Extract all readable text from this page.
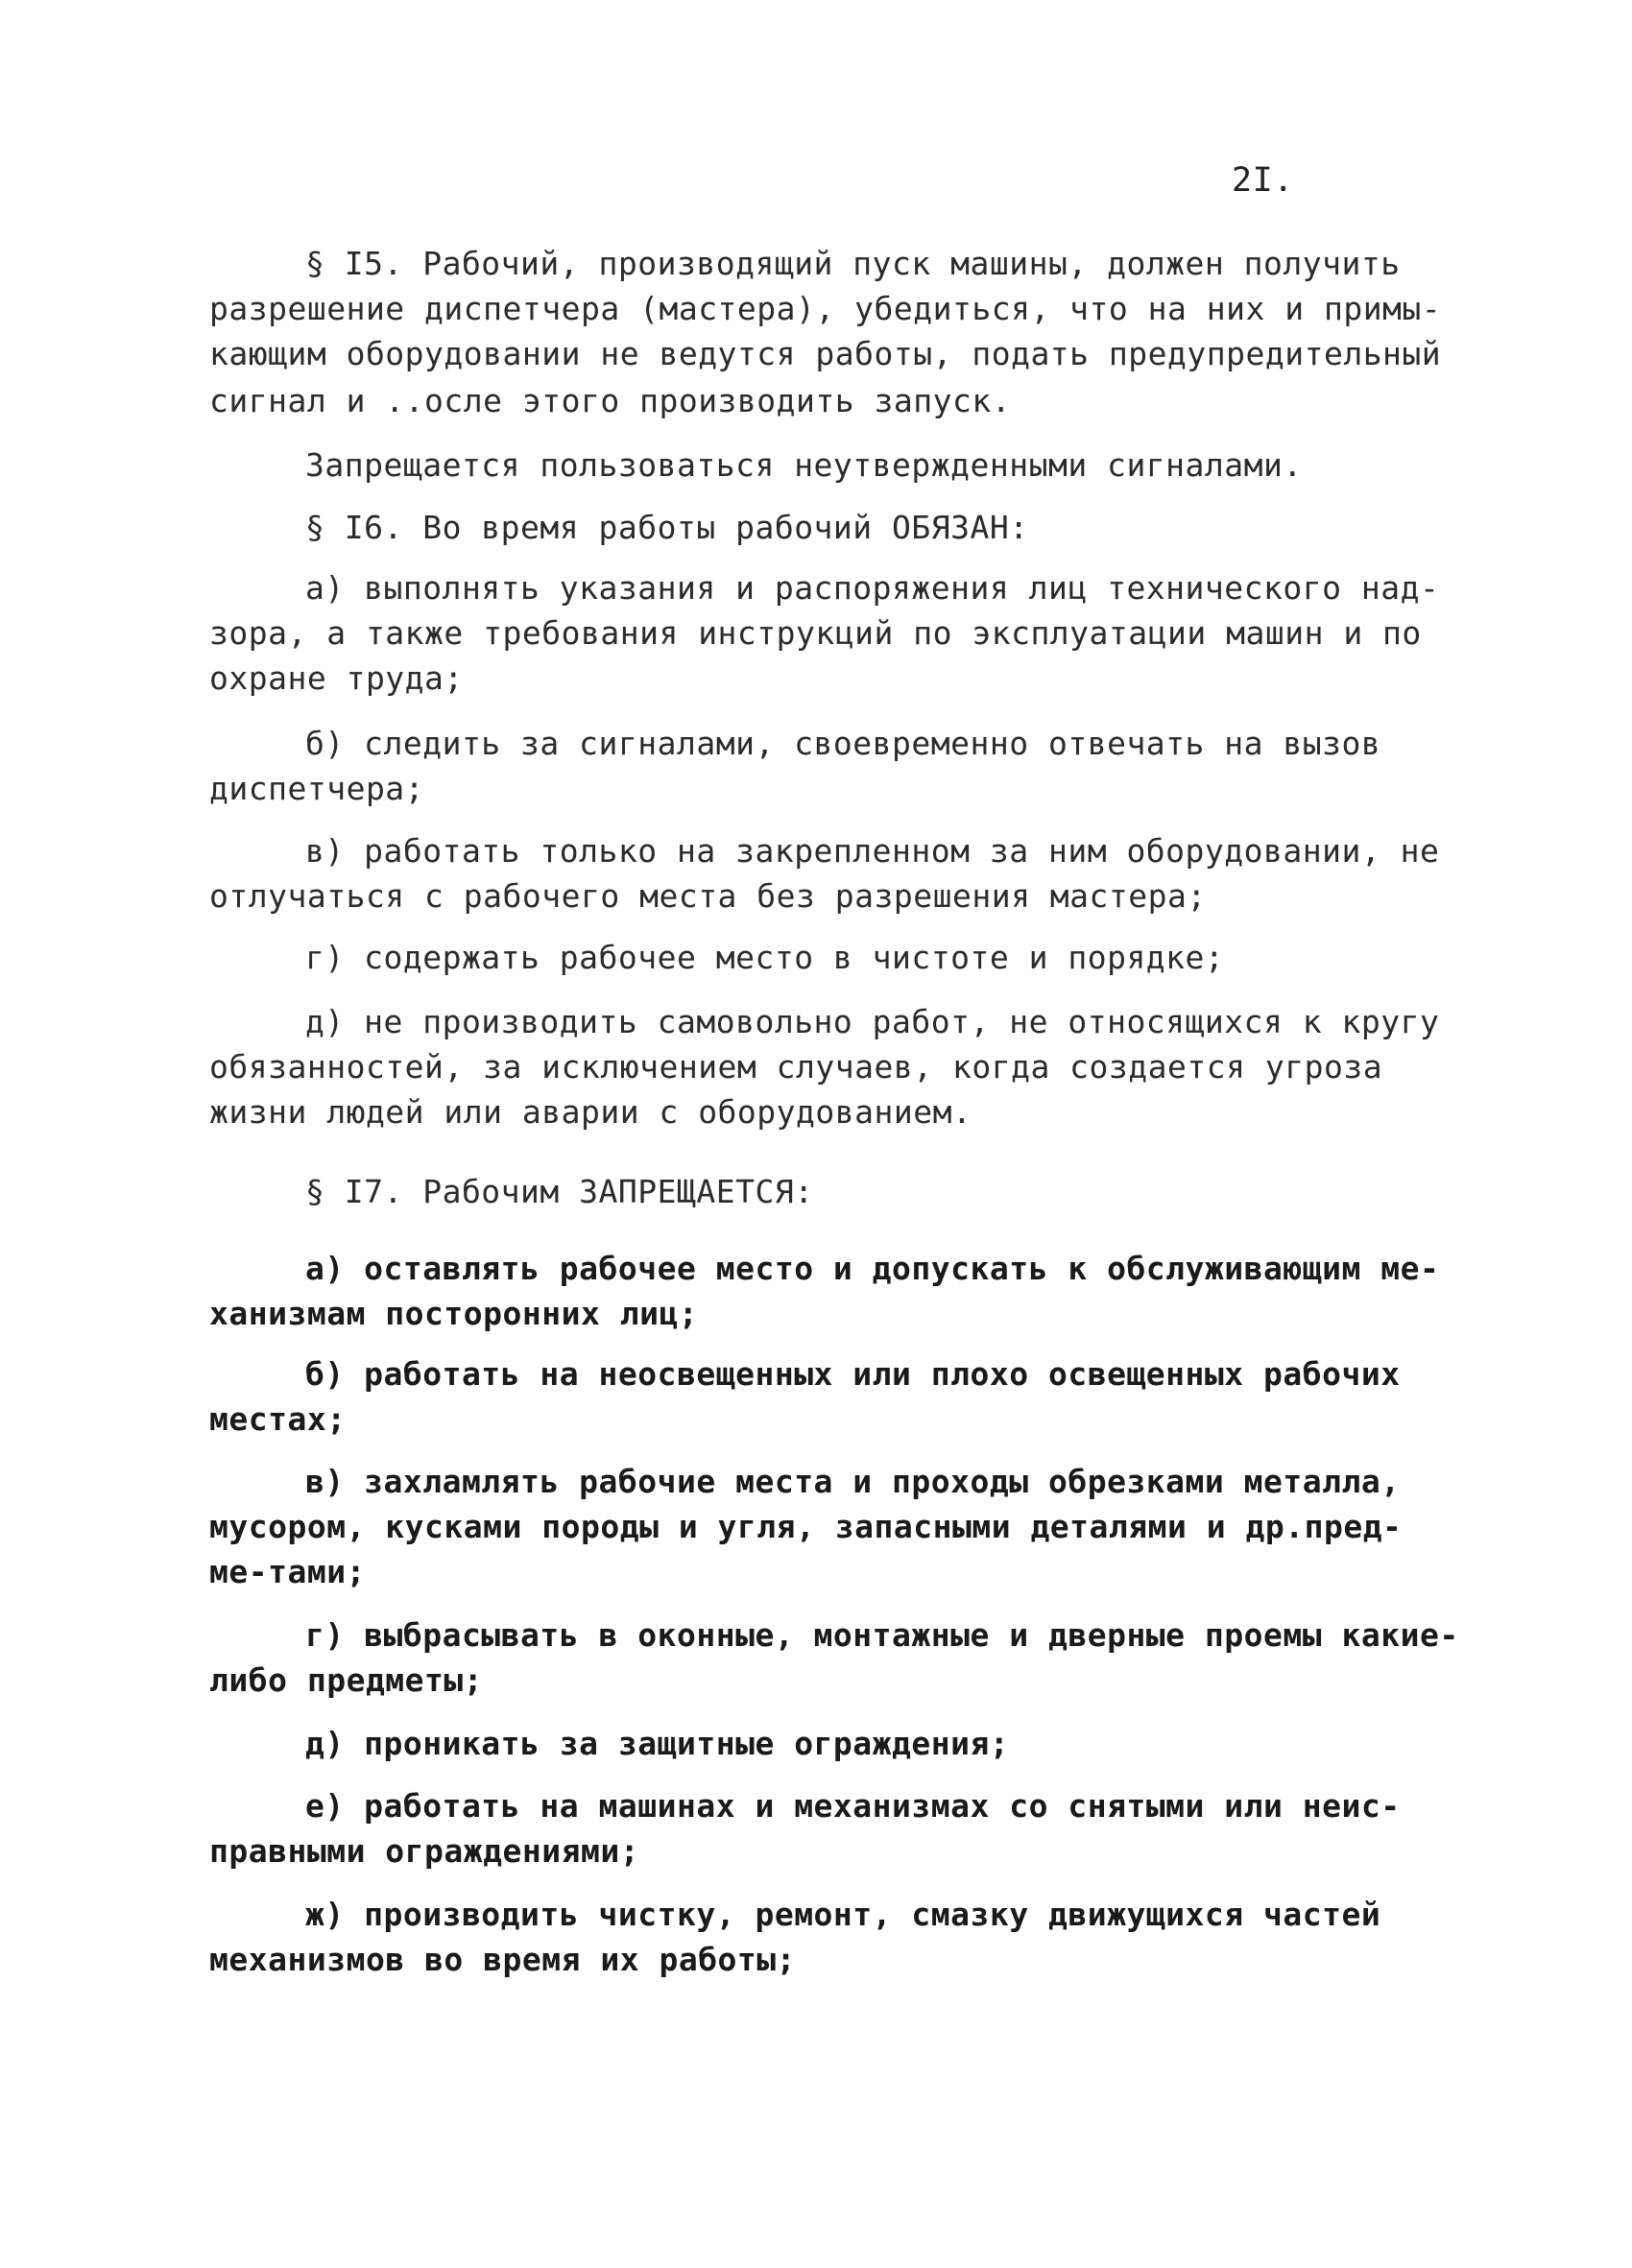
2I.
§ I5. Рабочий, производящий пуск машины, должен получить
разрешение диспетчера (мастера), убедиться, что на них и примы-
кающим оборудовании не ведутся работы, подать предупредительный
сигнал и ..осле этого производить запуск.
Запрещается пользоваться неутвержденными сигналами.
§ I6. Во время работы рабочий ОБЯЗАН:
а) выполнять указания и распоряжения лиц технического над-
зора, а также требования инструкций по эксплуатации машин и по
охране труда;
б) следить за сигналами, своевременно отвечать на вызов
диспетчера;
в) работать только на закрепленном за ним оборудовании, не
отлучаться с рабочего места без разрешения мастера;
г) содержать рабочее место в чистоте и порядке;
д) не производить самовольно работ, не относящихся к кругу
обязанностей, за исключением случаев, когда создается угроза
жизни людей или аварии с оборудованием.
§ I7. Рабочим ЗАПРЕЩАЕТСЯ:
а) оставлять рабочее место и допускать к обслуживающим ме-
ханизмам посторонних лиц;
б) работать на неосвещенных или плохо освещенных рабочих
местах;
в) захламлять рабочие места и проходы обрезками металла,
мусором, кусками породы и угля, запасными деталями и др.пред-
ме-тами;
г) выбрасывать в оконные, монтажные и дверные проемы какие-
либо предметы;
д) проникать за защитные ограждения;
е) работать на машинах и механизмах со снятыми или неис-
правными ограждениями;
ж) производить чистку, ремонт, смазку движущихся частей
механизмов во время их работы;
